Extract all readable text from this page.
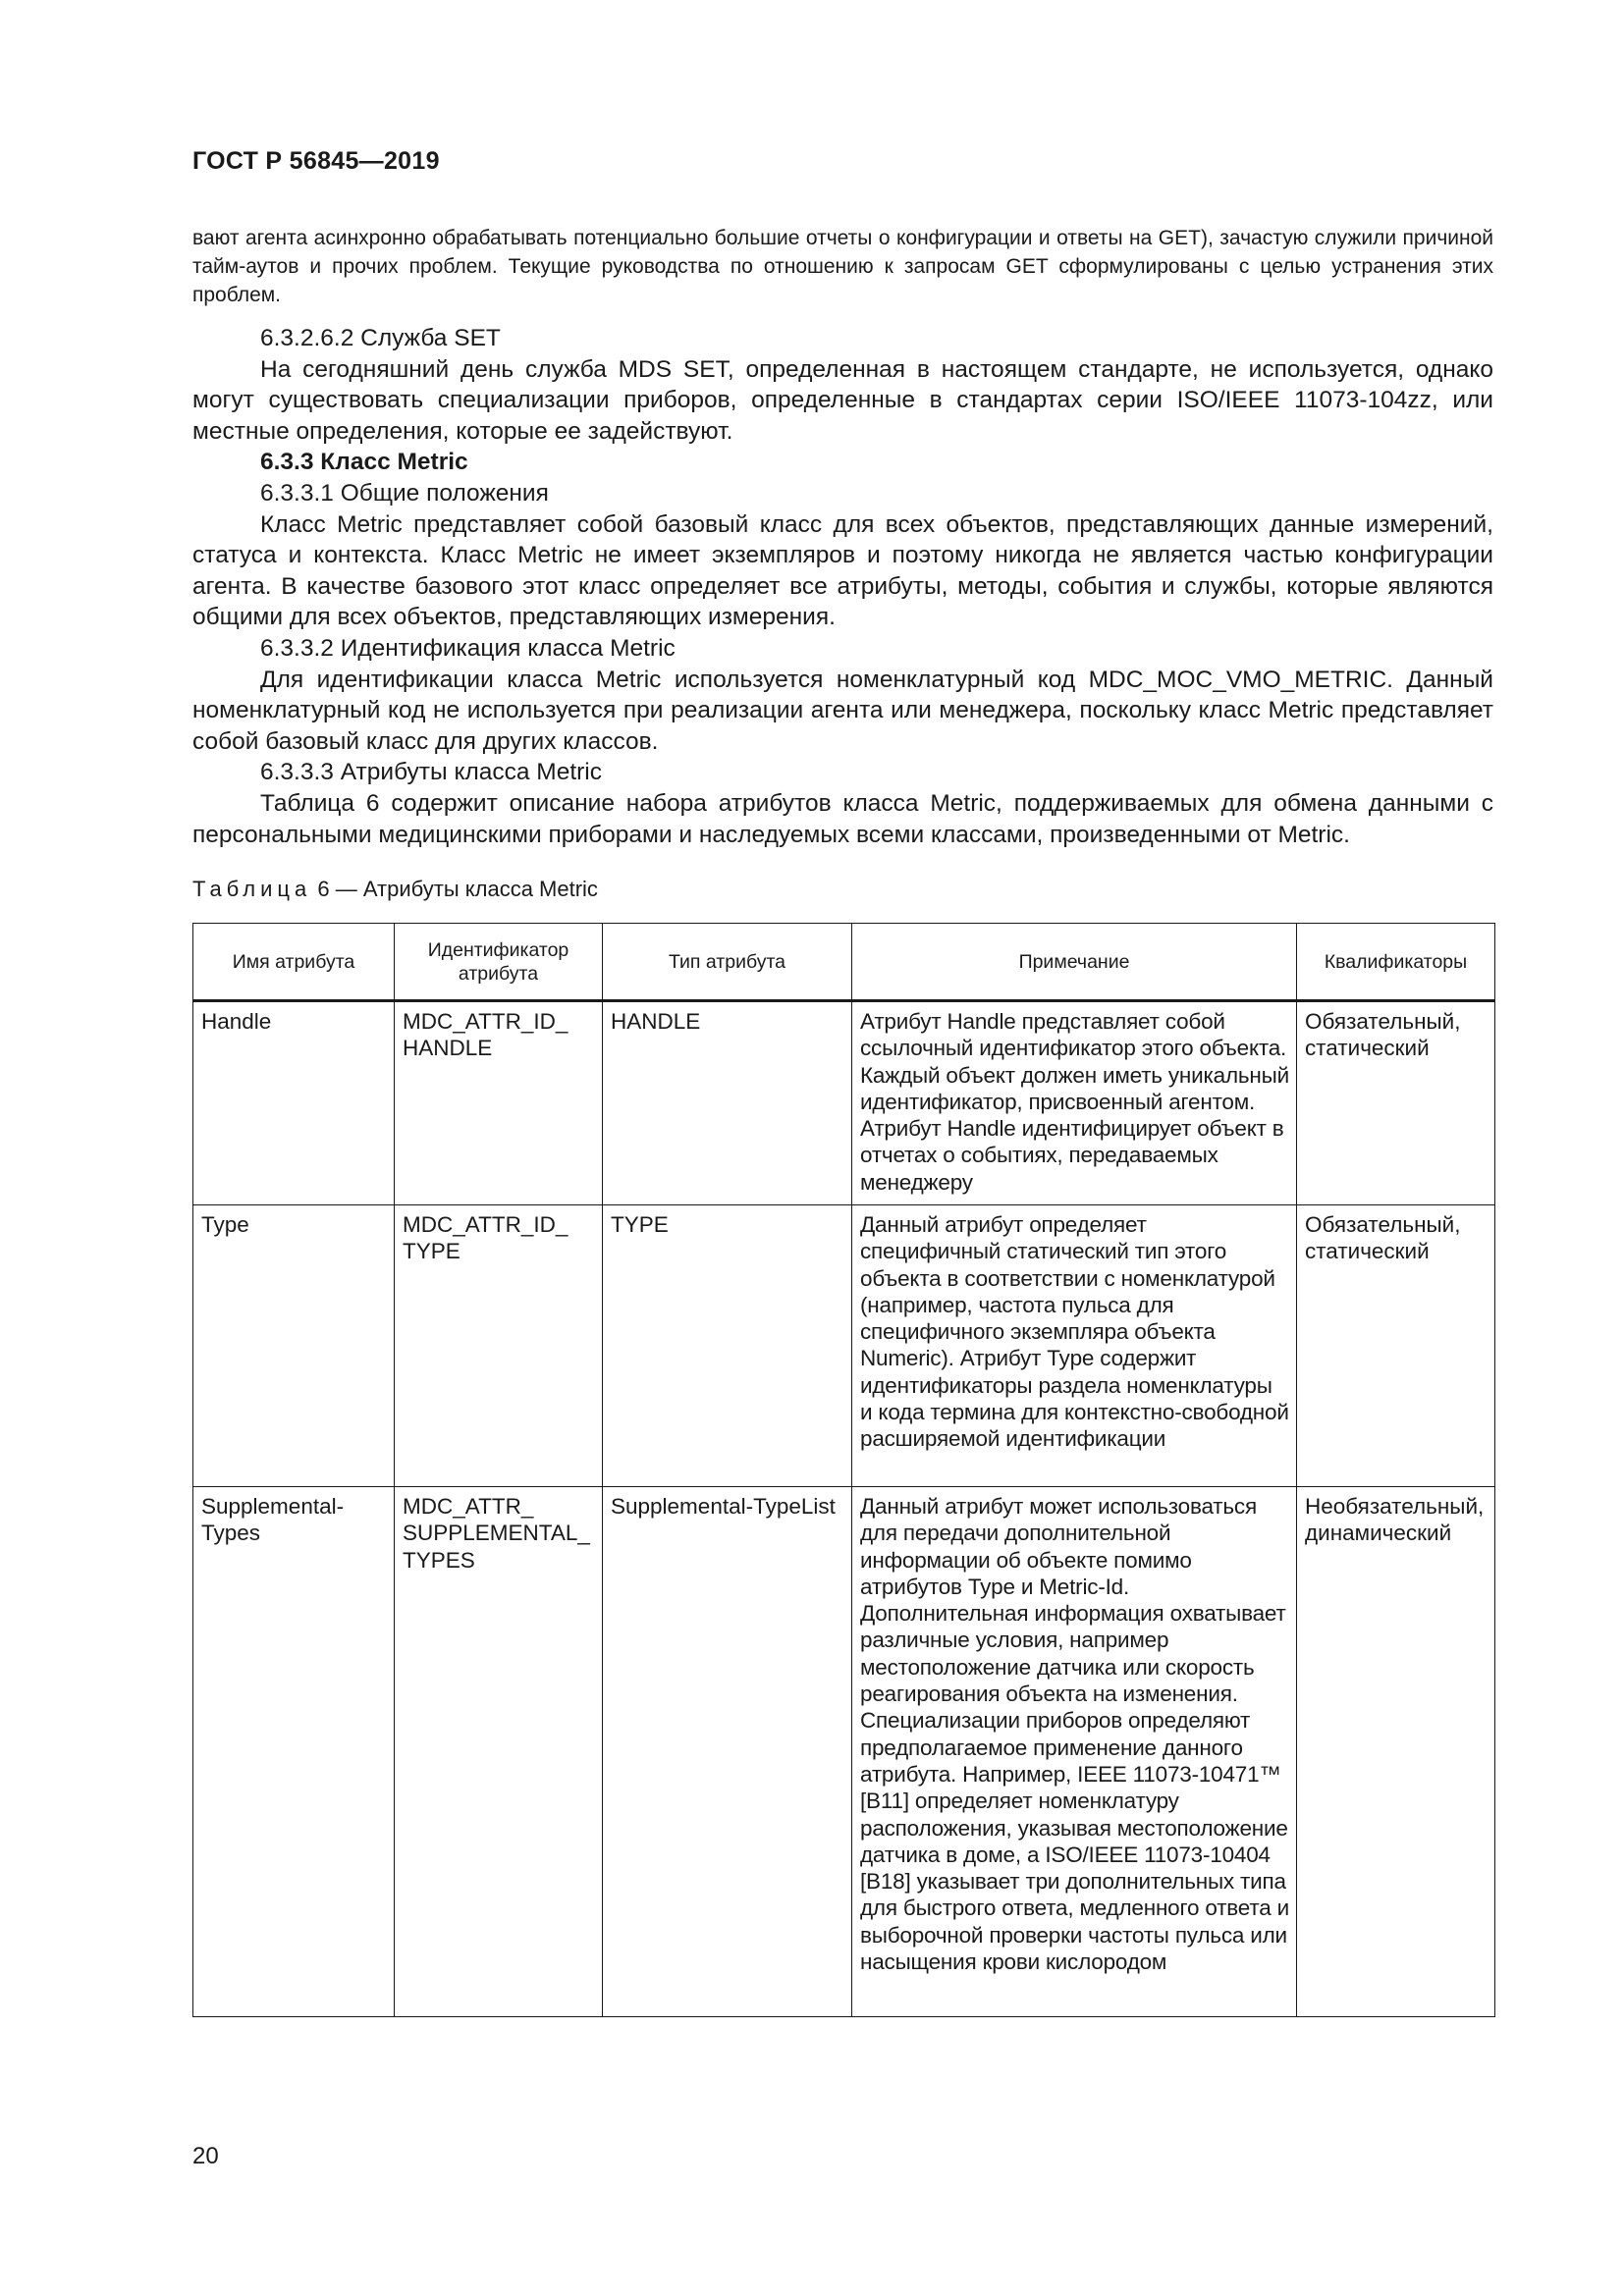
ГОСТ Р 56845—2019

вают агента асинхронно обрабатывать потенциально большие отчеты о конфигурации и ответы на GET), зачастую служили причиной тайм-аутов и прочих проблем. Текущие руководства по отношению к запросам GET сформулированы с целью устранения этих проблем.

6.3.2.6.2 Служба SET

На сегодняшний день служба MDS SET, определенная в настоящем стандарте, не используется, однако могут существовать специализации приборов, определенные в стандартах серии ISO/IEEE 11073-104zz, или местные определения, которые ее задействуют.

6.3.3 Класс Metric

6.3.3.1 Общие положения

Класс Metric представляет собой базовый класс для всех объектов, представляющих данные измерений, статуса и контекста. Класс Metric не имеет экземпляров и поэтому никогда не является частью конфигурации агента. В качестве базового этот класс определяет все атрибуты, методы, события и службы, которые являются общими для всех объектов, представляющих измерения.

6.3.3.2 Идентификация класса Metric

Для идентификации класса Metric используется номенклатурный код MDC_MOC_VMO_METRIC. Данный номенклатурный код не используется при реализации агента или менеджера, поскольку класс Metric представляет собой базовый класс для других классов.

6.3.3.3 Атрибуты класса Metric

Таблица 6 содержит описание набора атрибутов класса Metric, поддерживаемых для обмена данными с персональными медицинскими приборами и наследуемых всеми классами, произведенными от Metric.

Таблица 6 — Атрибуты класса Metric
Имя атрибута	Идентификатор атрибута	Тип атрибута	Примечание	Квалификаторы
Handle	MDC_ATTR_ID_ HANDLE	HANDLE	Атрибут Handle представляет собой ссылочный идентификатор этого объекта. Каждый объект должен иметь уникальный идентификатор, присвоенный агентом. Атрибут Handle идентифицирует объект в отчетах о событиях, передаваемых менеджеру	Обязательный, статический
Type	MDC_ATTR_ID_ TYPE	TYPE	Данный атрибут определяет специфичный статический тип этого объекта в соответствии с номенклатурой (например, частота пульса для специфичного экземпляра объекта Numeric). Атрибут Type содержит идентификаторы раздела номенклатуры и кода термина для контекстно-свободной расширяемой идентификации	Обязательный, статический
Supplemental-Types	MDC_ATTR_ SUPPLEMENTAL_ TYPES	Supplemental-TypeList	Данный атрибут может использоваться для передачи дополнительной информации об объекте помимо атрибутов Type и Metric-Id. Дополнительная информация охватывает различные условия, например местоположение датчика или скорость реагирования объекта на изменения. Специализации приборов определяют предполагаемое применение данного атрибута. Например, IEEE 11073-10471™ [B11] определяет номенклатуру расположения, указывая местоположение датчика в доме, а ISO/IEEE 11073-10404 [B18] указывает три дополнительных типа для быстрого ответа, медленного ответа и выборочной проверки частоты пульса или насыщения крови кислородом	Необязательный, динамический
20
